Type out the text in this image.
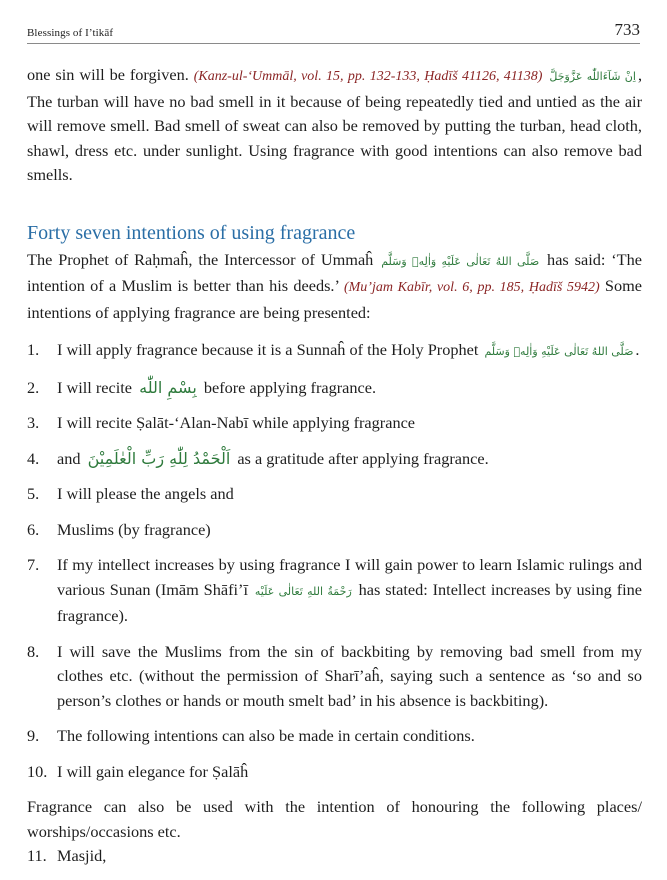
Blessings of I’tikāf	733

one sin will be forgiven. (Kanz-ul-‘Ummāl, vol. 15, pp. 132-133, Ḥadīš 41126, 41138) اِنْ شَآءَاللّٰه عَزَّوَجَلَّ , The turban will have no bad smell in it because of being repeatedly tied and untied as the air will remove smell. Bad smell of sweat can also be removed by putting the turban, head cloth, shawl, dress etc. under sunlight. Using fragrance with good intentions can also remove bad smells.

Forty seven intentions of using fragrance

The Prophet of Raḥmaĥ, the Intercessor of Ummaĥ صَلَّى اللهُ تَعَالٰى عَلَيْهِ وَاٰلِهٖ وَسَلَّم has said: ‘The intention of a Muslim is better than his deeds.’ (Mu’jam Kabīr, vol. 6, pp. 185, Ḥadīš 5942) Some intentions of applying fragrance are being presented:

1.	I will apply fragrance because it is a Sunnaĥ of the Holy Prophet صَلَّى اللهُ تَعَالٰى عَلَيْهِ وَاٰلِهٖ وَسَلَّم .
2.	I will recite بِسْمِ اللّٰه before applying fragrance.
3.	I will recite Ṣalāt-‘Alan-Nabī while applying fragrance
4.	and اَلْحَمْدُ لِلّٰهِ رَبِّ الْعٰلَمِيْنَ as a gratitude after applying fragrance.
5.	I will please the angels and
6.	Muslims (by fragrance)
7.	If my intellect increases by using fragrance I will gain power to learn Islamic rulings and various Sunan (Imām Shāfi’ī رَحْمَةُ اللهِ تَعَالٰى عَلَيْه has stated: Intellect increases by using fine fragrance).
8.	I will save the Muslims from the sin of backbiting by removing bad smell from my clothes etc. (without the permission of Sharī’aĥ, saying such a sentence as ‘so and so person’s clothes or hands or mouth smelt bad’ in his absence is backbiting).
9.	The following intentions can also be made in certain conditions.
10. I will gain elegance for Ṣalāĥ

Fragrance can also be used with the intention of honouring the following places/ worships/occasions etc.

11. Masjid,
